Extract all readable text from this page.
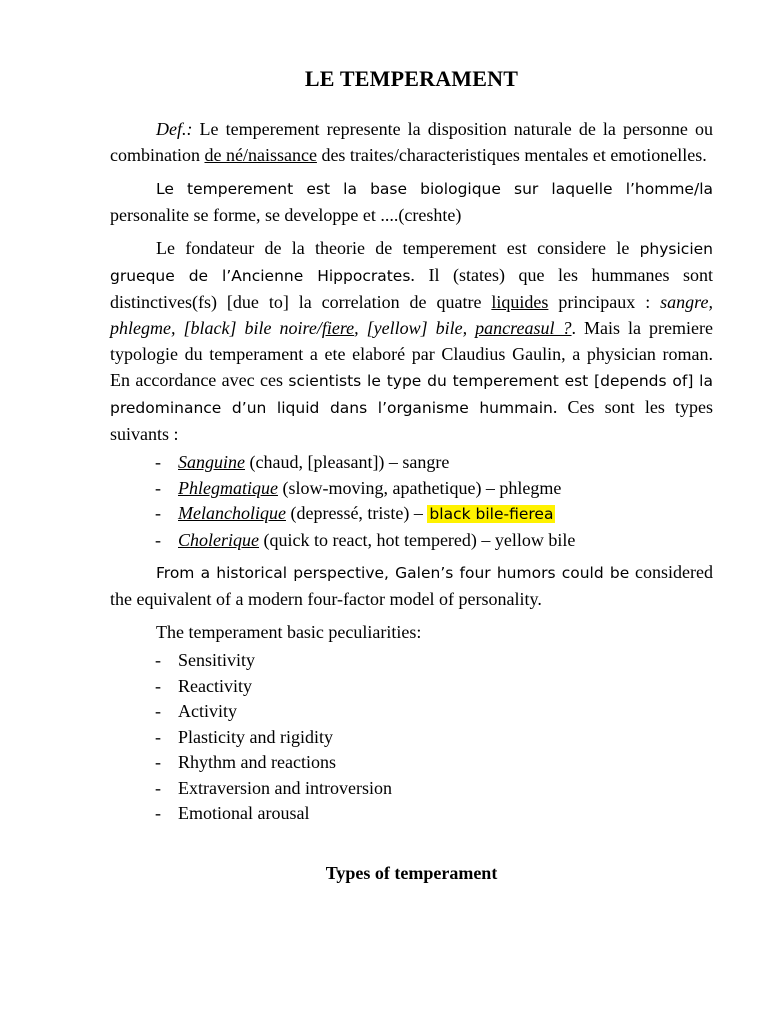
LE TEMPERAMENT

Def.: Le temperement represente la disposition naturale de la personne ou combination de né/naissance des traites/characteristiques mentales et emotionelles.

Le temperement est la base biologique sur laquelle l’homme/la personalite se forme, se developpe et ....(creshte)

Le fondateur de la theorie de temperement est considere le physicien grueque de l’Ancienne Hippocrates. Il (states) que les hummanes sont distinctives(fs) [due to] la correlation de quatre liquides principaux : sangre, phlegme, [black] bile noire/fiere, [yellow] bile, pancreasul ?. Mais la premiere typologie du temperament a ete elaboré par Claudius Gaulin, a physician roman. En accordance avec ces scientists le type du temperement est [depends of] la predominance d’un liquid dans l’organisme hummain. Ces sont les types suivants :

- Sanguine (chaud, [pleasant]) – sangre
- Phlegmatique (slow-moving, apathetique) – phlegme
- Melancholique (depressé, triste) – black bile-fierea
- Cholerique (quick to react, hot tempered) – yellow bile

From a historical perspective, Galen’s four humors could be considered the equivalent of a modern four-factor model of personality.

The temperament basic peculiarities:

- Sensitivity
- Reactivity
- Activity
- Plasticity and rigidity
- Rhythm and reactions
- Extraversion and introversion
- Emotional arousal
Types of temperament
